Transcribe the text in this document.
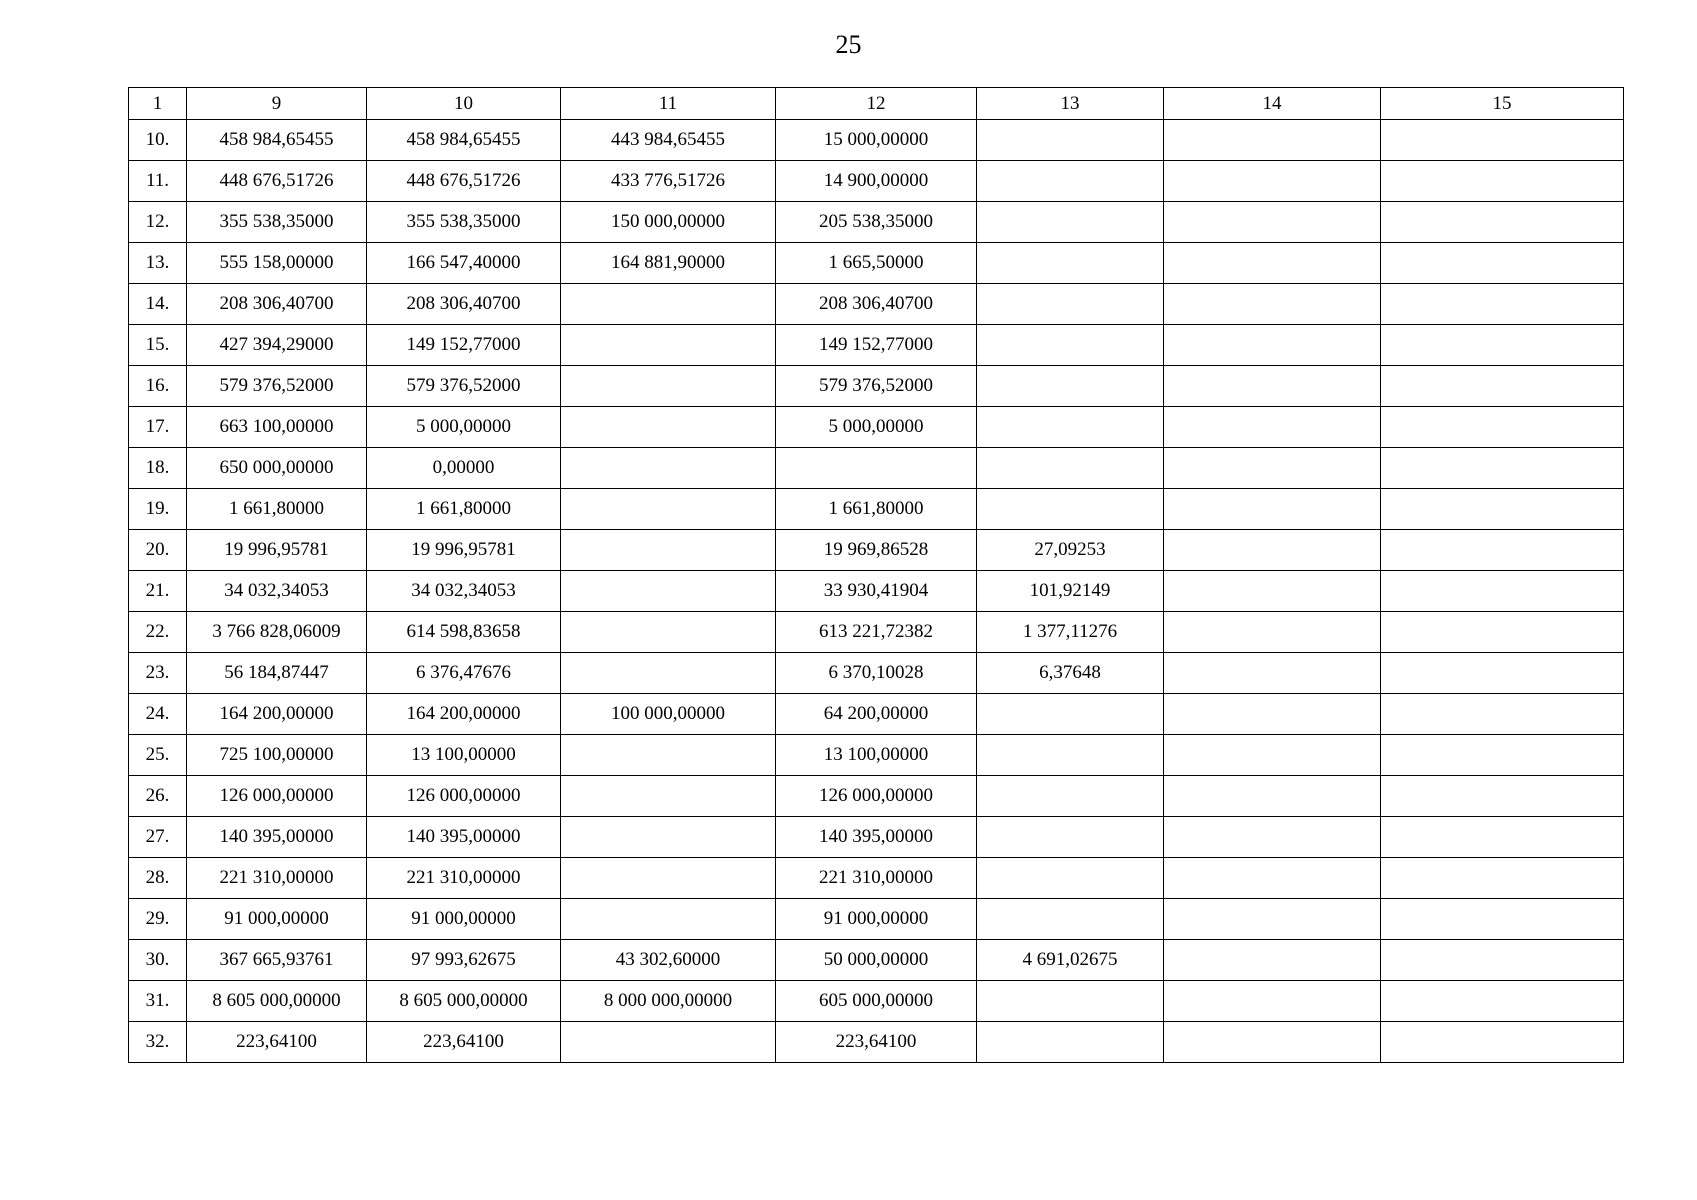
25
1	9	10	11	12	13	14	15
10.	458 984,65455	458 984,65455	443 984,65455	15 000,00000			
11.	448 676,51726	448 676,51726	433 776,51726	14 900,00000			
12.	355 538,35000	355 538,35000	150 000,00000	205 538,35000			
13.	555 158,00000	166 547,40000	164 881,90000	1 665,50000			
14.	208 306,40700	208 306,40700		208 306,40700			
15.	427 394,29000	149 152,77000		149 152,77000			
16.	579 376,52000	579 376,52000		579 376,52000			
17.	663 100,00000	5 000,00000		5 000,00000			
18.	650 000,00000	0,00000					
19.	1 661,80000	1 661,80000		1 661,80000			
20.	19 996,95781	19 996,95781		19 969,86528	27,09253		
21.	34 032,34053	34 032,34053		33 930,41904	101,92149		
22.	3 766 828,06009	614 598,83658		613 221,72382	1 377,11276		
23.	56 184,87447	6 376,47676		6 370,10028	6,37648		
24.	164 200,00000	164 200,00000	100 000,00000	64 200,00000			
25.	725 100,00000	13 100,00000		13 100,00000			
26.	126 000,00000	126 000,00000		126 000,00000			
27.	140 395,00000	140 395,00000		140 395,00000			
28.	221 310,00000	221 310,00000		221 310,00000			
29.	91 000,00000	91 000,00000		91 000,00000			
30.	367 665,93761	97 993,62675	43 302,60000	50 000,00000	4 691,02675		
31.	8 605 000,00000	8 605 000,00000	8 000 000,00000	605 000,00000			
32.	223,64100	223,64100		223,64100			
